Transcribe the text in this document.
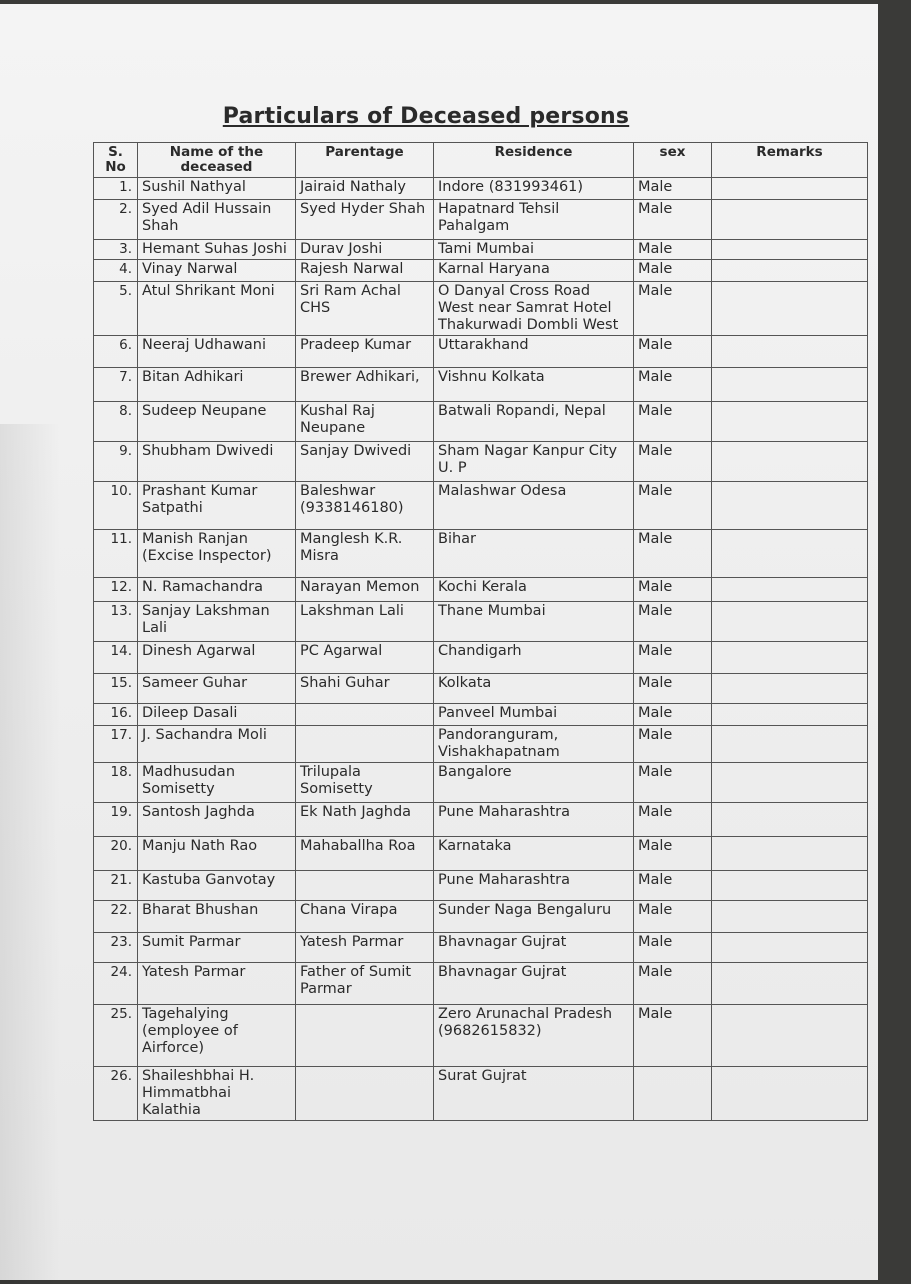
Particulars of Deceased persons
S. No	Name of the deceased	Parentage	Residence	sex	Remarks
1.	Sushil Nathyal	Jairaid Nathaly	Indore (831993461)	Male	
2.	Syed Adil Hussain Shah	Syed Hyder Shah	Hapatnard Tehsil Pahalgam	Male	
3.	Hemant Suhas Joshi	Durav Joshi	Tami Mumbai	Male	
4.	Vinay Narwal	Rajesh Narwal	Karnal Haryana	Male	
5.	Atul Shrikant Moni	Sri Ram Achal CHS	O Danyal Cross Road West near Samrat Hotel Thakurwadi Dombli West	Male	
6.	Neeraj Udhawani	Pradeep Kumar	Uttarakhand	Male	
7.	Bitan Adhikari	Brewer Adhikari,	Vishnu Kolkata	Male	
8.	Sudeep Neupane	Kushal Raj Neupane	Batwali Ropandi, Nepal	Male	
9.	Shubham Dwivedi	Sanjay Dwivedi	Sham Nagar Kanpur City U. P	Male	
10.	Prashant Kumar Satpathi	Baleshwar (9338146180)	Malashwar Odesa	Male	
11.	Manish Ranjan (Excise Inspector)	Manglesh K.R. Misra	Bihar	Male	
12.	N. Ramachandra	Narayan Memon	Kochi Kerala	Male	
13.	Sanjay Lakshman Lali	Lakshman Lali	Thane Mumbai	Male	
14.	Dinesh Agarwal	PC Agarwal	Chandigarh	Male	
15.	Sameer Guhar	Shahi Guhar	Kolkata	Male	
16.	Dileep Dasali		Panveel Mumbai	Male	
17.	J. Sachandra Moli		Pandoranguram, Vishakhapatnam	Male	
18.	Madhusudan Somisetty	Trilupala Somisetty	Bangalore	Male	
19.	Santosh Jaghda	Ek Nath Jaghda	Pune Maharashtra	Male	
20.	Manju Nath Rao	Mahaballha Roa	Karnataka	Male	
21.	Kastuba Ganvotay		Pune Maharashtra	Male	
22.	Bharat Bhushan	Chana Virapa	Sunder Naga Bengaluru	Male	
23.	Sumit Parmar	Yatesh Parmar	Bhavnagar Gujrat	Male	
24.	Yatesh Parmar	Father of Sumit Parmar	Bhavnagar Gujrat	Male	
25.	Tagehalying (employee of Airforce)		Zero Arunachal Pradesh (9682615832)	Male	
26.	Shaileshbhai H. Himmatbhai Kalathia		Surat Gujrat		
